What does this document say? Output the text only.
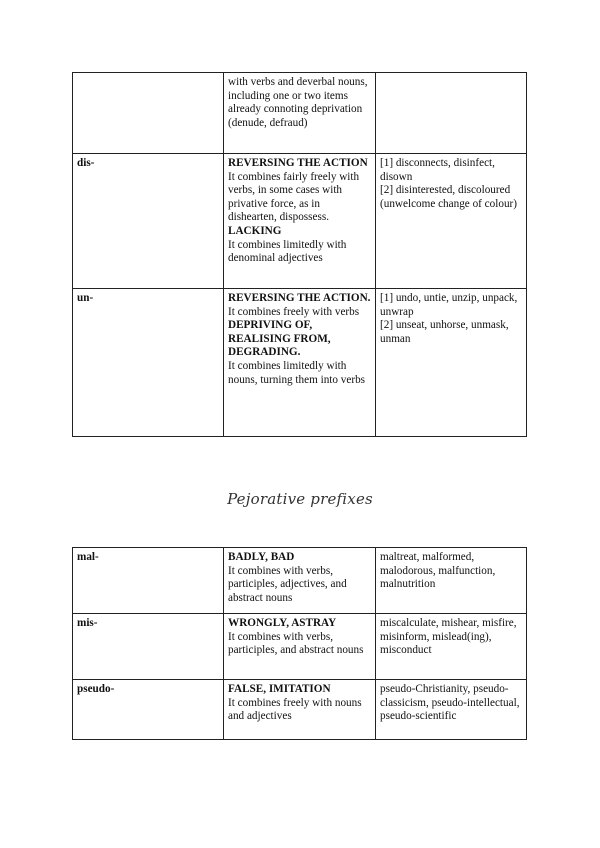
	with verbs and deverbal nouns, including one or two items already connoting deprivation (denude, defraud)	

dis-	REVERSING THE ACTION
It combines fairly freely with verbs, in some cases with privative force, as in dishearten, dispossess.
LACKING
It combines limitedly with denominal adjectives	[1] disconnects, disinfect, disown
[2] disinterested, discoloured (unwelcome change of colour)

un-	REVERSING THE ACTION.
It combines freely with verbs
DEPRIVING OF, REALISING FROM, DEGRADING.
It combines limitedly with nouns, turning them into verbs	[1] undo, untie, unzip, unpack, unwrap
[2] unseat, unhorse, unmask, unman
Pejorative prefixes
mal-	BADLY, BAD
It combines with verbs, participles, adjectives, and abstract nouns	maltreat, malformed, malodorous, malfunction, malnutrition

mis-	WRONGLY, ASTRAY
It combines with verbs, participles, and abstract nouns	miscalculate, mishear, misfire, misinform, mislead(ing), misconduct

pseudo-	FALSE, IMITATION
It combines freely with nouns and adjectives	pseudo-Christianity, pseudo-classicism, pseudo-intellectual, pseudo-scientific
